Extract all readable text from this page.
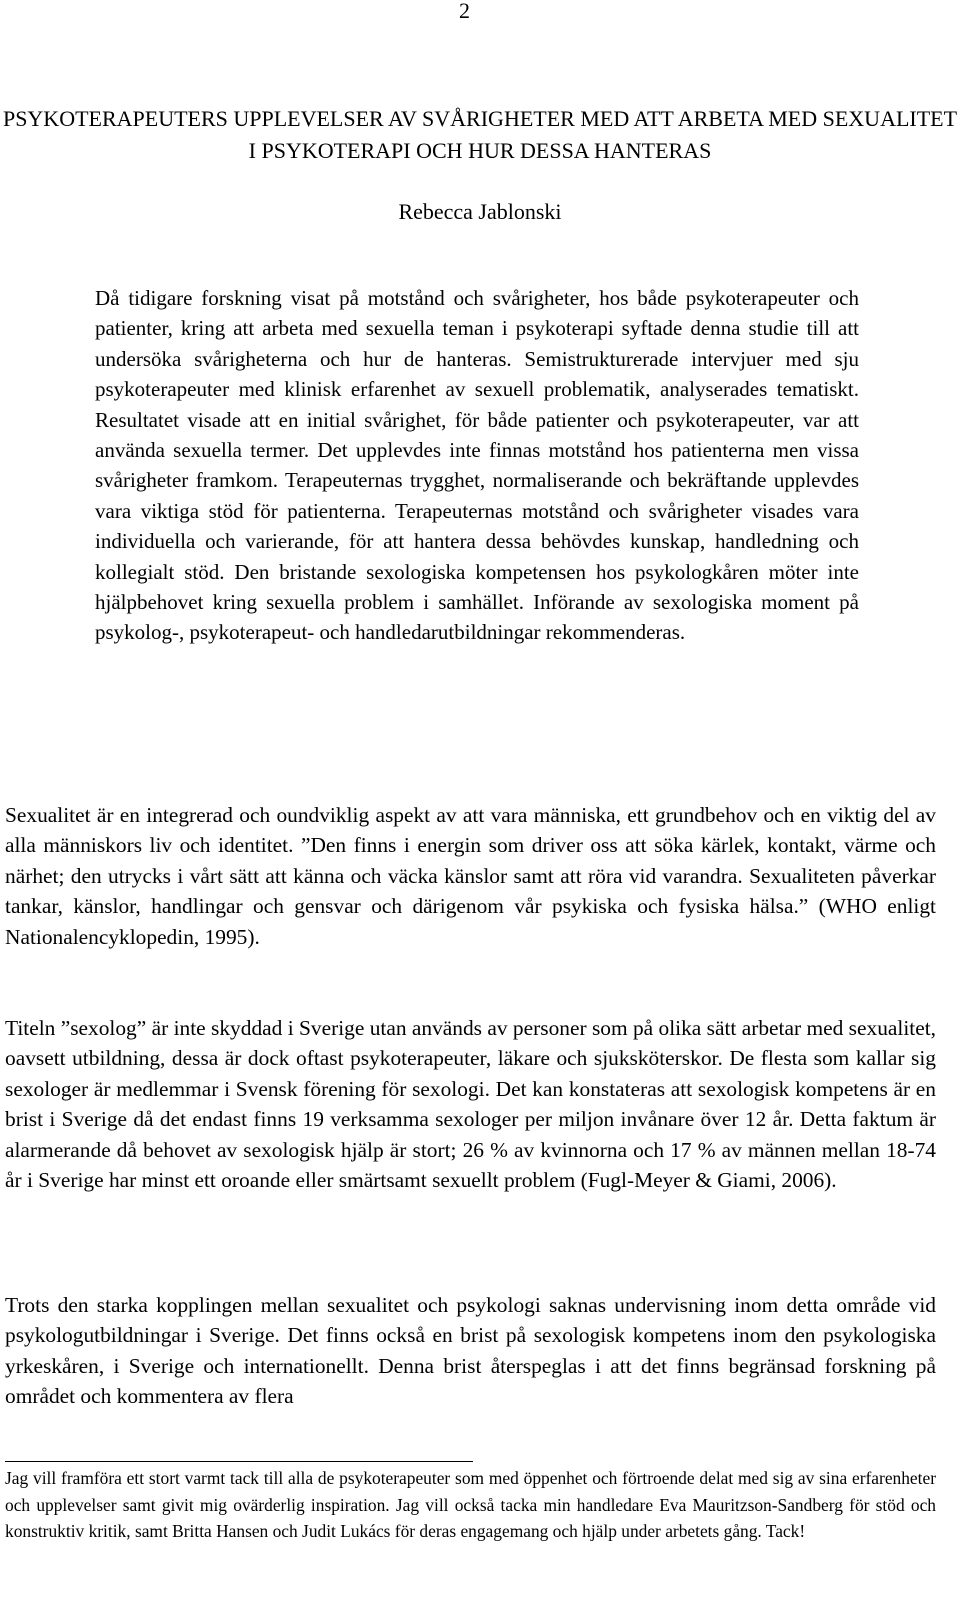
2
PSYKOTERAPEUTERS UPPLEVELSER AV SVÅRIGHETER MED ATT ARBETA MED SEXUALITET I PSYKOTERAPI OCH HUR DESSA HANTERAS

Rebecca Jablonski

Då tidigare forskning visat på motstånd och svårigheter, hos både psykoterapeuter och patienter, kring att arbeta med sexuella teman i psykoterapi syftade denna studie till att undersöka svårigheterna och hur de hanteras. Semistrukturerade intervjuer med sju psykoterapeuter med klinisk erfarenhet av sexuell problematik, analyserades tematiskt. Resultatet visade att en initial svårighet, för både patienter och psykoterapeuter, var att använda sexuella termer. Det upplevdes inte finnas motstånd hos patienterna men vissa svårigheter framkom. Terapeuternas trygghet, normaliserande och bekräftande upplevdes vara viktiga stöd för patienterna. Terapeuternas motstånd och svårigheter visades vara individuella och varierande, för att hantera dessa behövdes kunskap, handledning och kollegialt stöd. Den bristande sexologiska kompetensen hos psykologkåren möter inte hjälpbehovet kring sexuella problem i samhället. Införande av sexologiska moment på psykolog-, psykoterapeut- och handledarutbildningar rekommenderas.

Sexualitet är en integrerad och oundviklig aspekt av att vara människa, ett grundbehov och en viktig del av alla människors liv och identitet. ”Den finns i energin som driver oss att söka kärlek, kontakt, värme och närhet; den utrycks i vårt sätt att känna och väcka känslor samt att röra vid varandra. Sexualiteten påverkar tankar, känslor, handlingar och gensvar och därigenom vår psykiska och fysiska hälsa.” (WHO enligt Nationalencyklopedin, 1995).

Titeln ”sexolog” är inte skyddad i Sverige utan används av personer som på olika sätt arbetar med sexualitet, oavsett utbildning, dessa är dock oftast psykoterapeuter, läkare och sjuksköterskor. De flesta som kallar sig sexologer är medlemmar i Svensk förening för sexologi. Det kan konstateras att sexologisk kompetens är en brist i Sverige då det endast finns 19 verksamma sexologer per miljon invånare över 12 år. Detta faktum är alarmerande då behovet av sexologisk hjälp är stort; 26 % av kvinnorna och 17 % av männen mellan 18-74 år i Sverige har minst ett oroande eller smärtsamt sexuellt problem (Fugl-Meyer & Giami, 2006).

Trots den starka kopplingen mellan sexualitet och psykologi saknas undervisning inom detta område vid psykologutbildningar i Sverige. Det finns också en brist på sexologisk kompetens inom den psykologiska yrkeskåren, i Sverige och internationellt. Denna brist återspeglas i att det finns begränsad forskning på området och kommentera av flera

Jag vill framföra ett stort varmt tack till alla de psykoterapeuter som med öppenhet och förtroende delat med sig av sina erfarenheter och upplevelser samt givit mig ovärderlig inspiration. Jag vill också tacka min handledare Eva Mauritzson-Sandberg för stöd och konstruktiv kritik, samt Britta Hansen och Judit Lukács för deras engagemang och hjälp under arbetets gång. Tack!
